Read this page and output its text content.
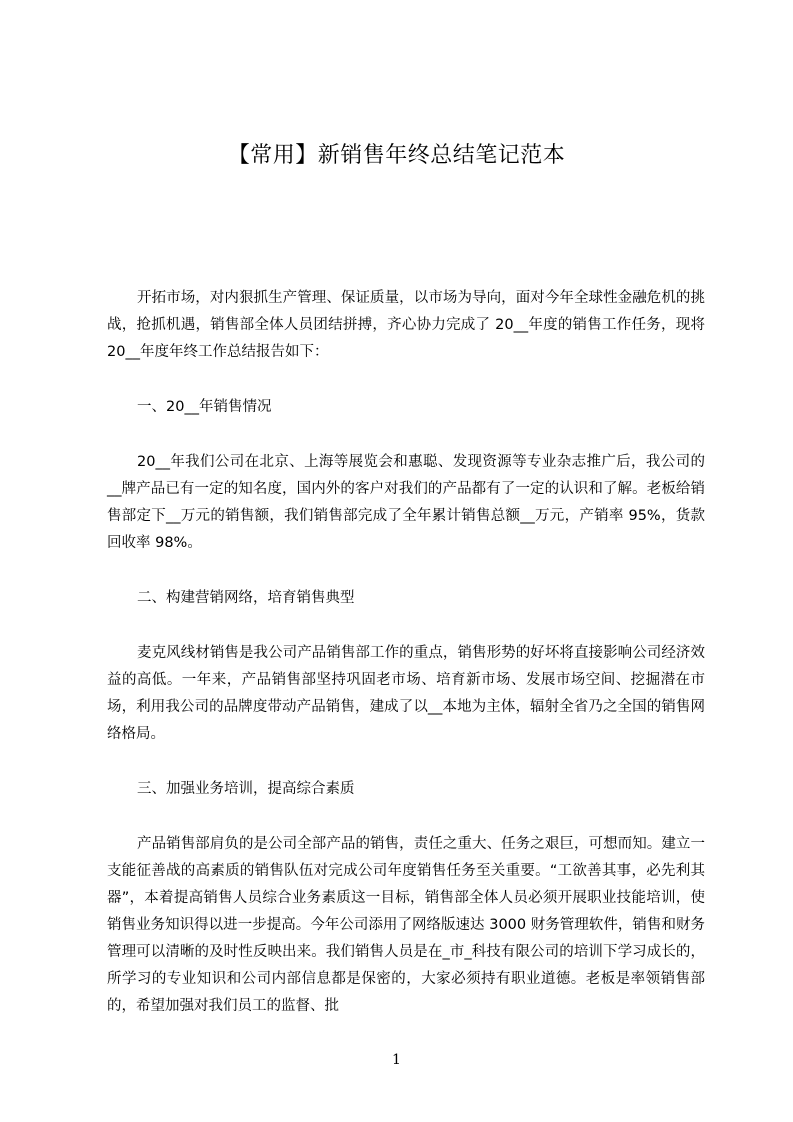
【常用】新销售年终总结笔记范本

开拓市场，对内狠抓生产管理、保证质量，以市场为导向，面对今年全球性金融危机的挑战，抢抓机遇，销售部全体人员团结拼搏，齐心协力完成了 20__年度的销售工作任务，现将 20__年度年终工作总结报告如下：

一、20__年销售情况

20__年我们公司在北京、上海等展览会和惠聪、发现资源等专业杂志推广后，我公司的__牌产品已有一定的知名度，国内外的客户对我们的产品都有了一定的认识和了解。老板给销售部定下__万元的销售额，我们销售部完成了全年累计销售总额__万元，产销率 95%，货款回收率 98%。

二、构建营销网络，培育销售典型

麦克风线材销售是我公司产品销售部工作的重点，销售形势的好坏将直接影响公司经济效益的高低。一年来，产品销售部坚持巩固老市场、培育新市场、发展市场空间、挖掘潜在市场，利用我公司的品牌度带动产品销售，建成了以__本地为主体，辐射全省乃之全国的销售网络格局。

三、加强业务培训，提高综合素质

产品销售部肩负的是公司全部产品的销售，责任之重大、任务之艰巨，可想而知。建立一支能征善战的高素质的销售队伍对完成公司年度销售任务至关重要。“工欲善其事，必先利其器”，本着提高销售人员综合业务素质这一目标，销售部全体人员必须开展职业技能培训，使销售业务知识得以进一步提高。今年公司添用了网络版速达 3000 财务管理软件，销售和财务管理可以清晰的及时性反映出来。我们销售人员是在_市_科技有限公司的培训下学习成长的，所学习的专业知识和公司内部信息都是保密的，大家必须持有职业道德。老板是率领销售部的，希望加强对我们员工的监督、批

1
